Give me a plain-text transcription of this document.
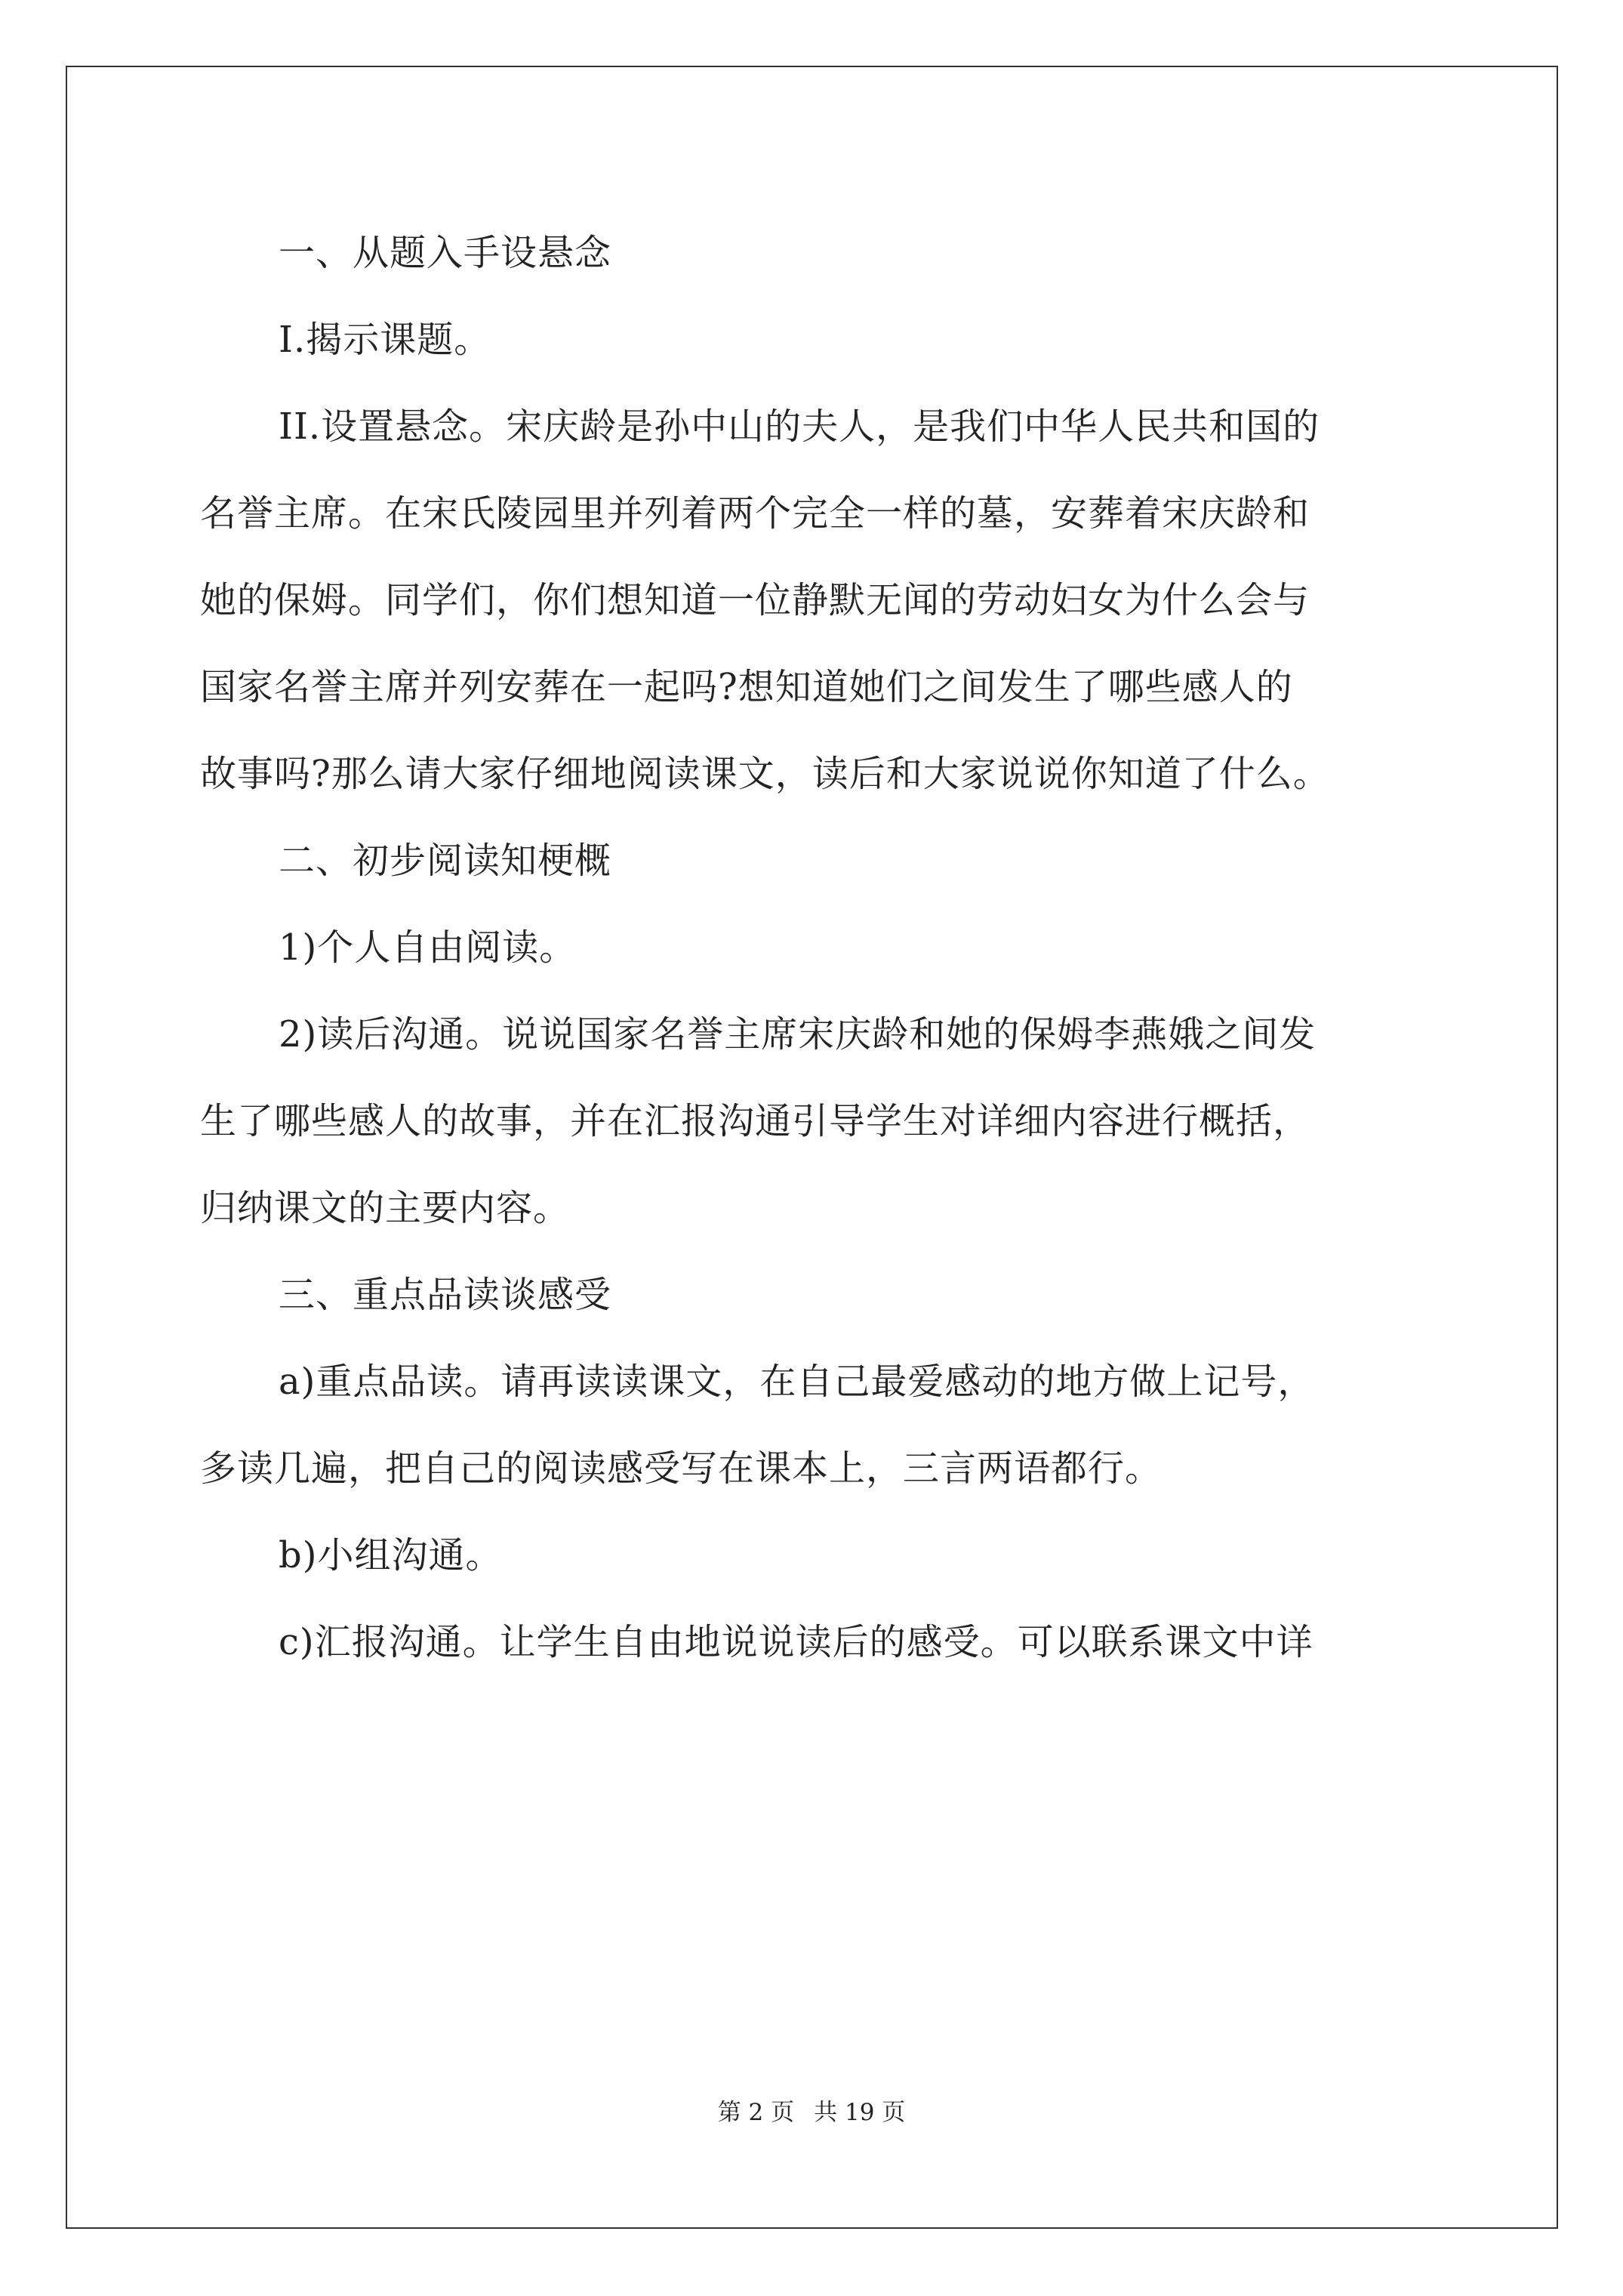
一、从题入手设悬念
I.揭示课题。
II.设置悬念。宋庆龄是孙中山的夫人，是我们中华人民共和国的
名誉主席。在宋氏陵园里并列着两个完全一样的墓，安葬着宋庆龄和
她的保姆。同学们，你们想知道一位静默无闻的劳动妇女为什么会与
国家名誉主席并列安葬在一起吗?想知道她们之间发生了哪些感人的
故事吗?那么请大家仔细地阅读课文，读后和大家说说你知道了什么。
二、初步阅读知梗概
1)个人自由阅读。
2)读后沟通。说说国家名誉主席宋庆龄和她的保姆李燕娥之间发
生了哪些感人的故事，并在汇报沟通引导学生对详细内容进行概括，
归纳课文的主要内容。
三、重点品读谈感受
a)重点品读。请再读读课文，在自己最爱感动的地方做上记号，
多读几遍，把自己的阅读感受写在课本上，三言两语都行。
b)小组沟通。
c)汇报沟通。让学生自由地说说读后的感受。可以联系课文中详
第 2 页 共 19 页
